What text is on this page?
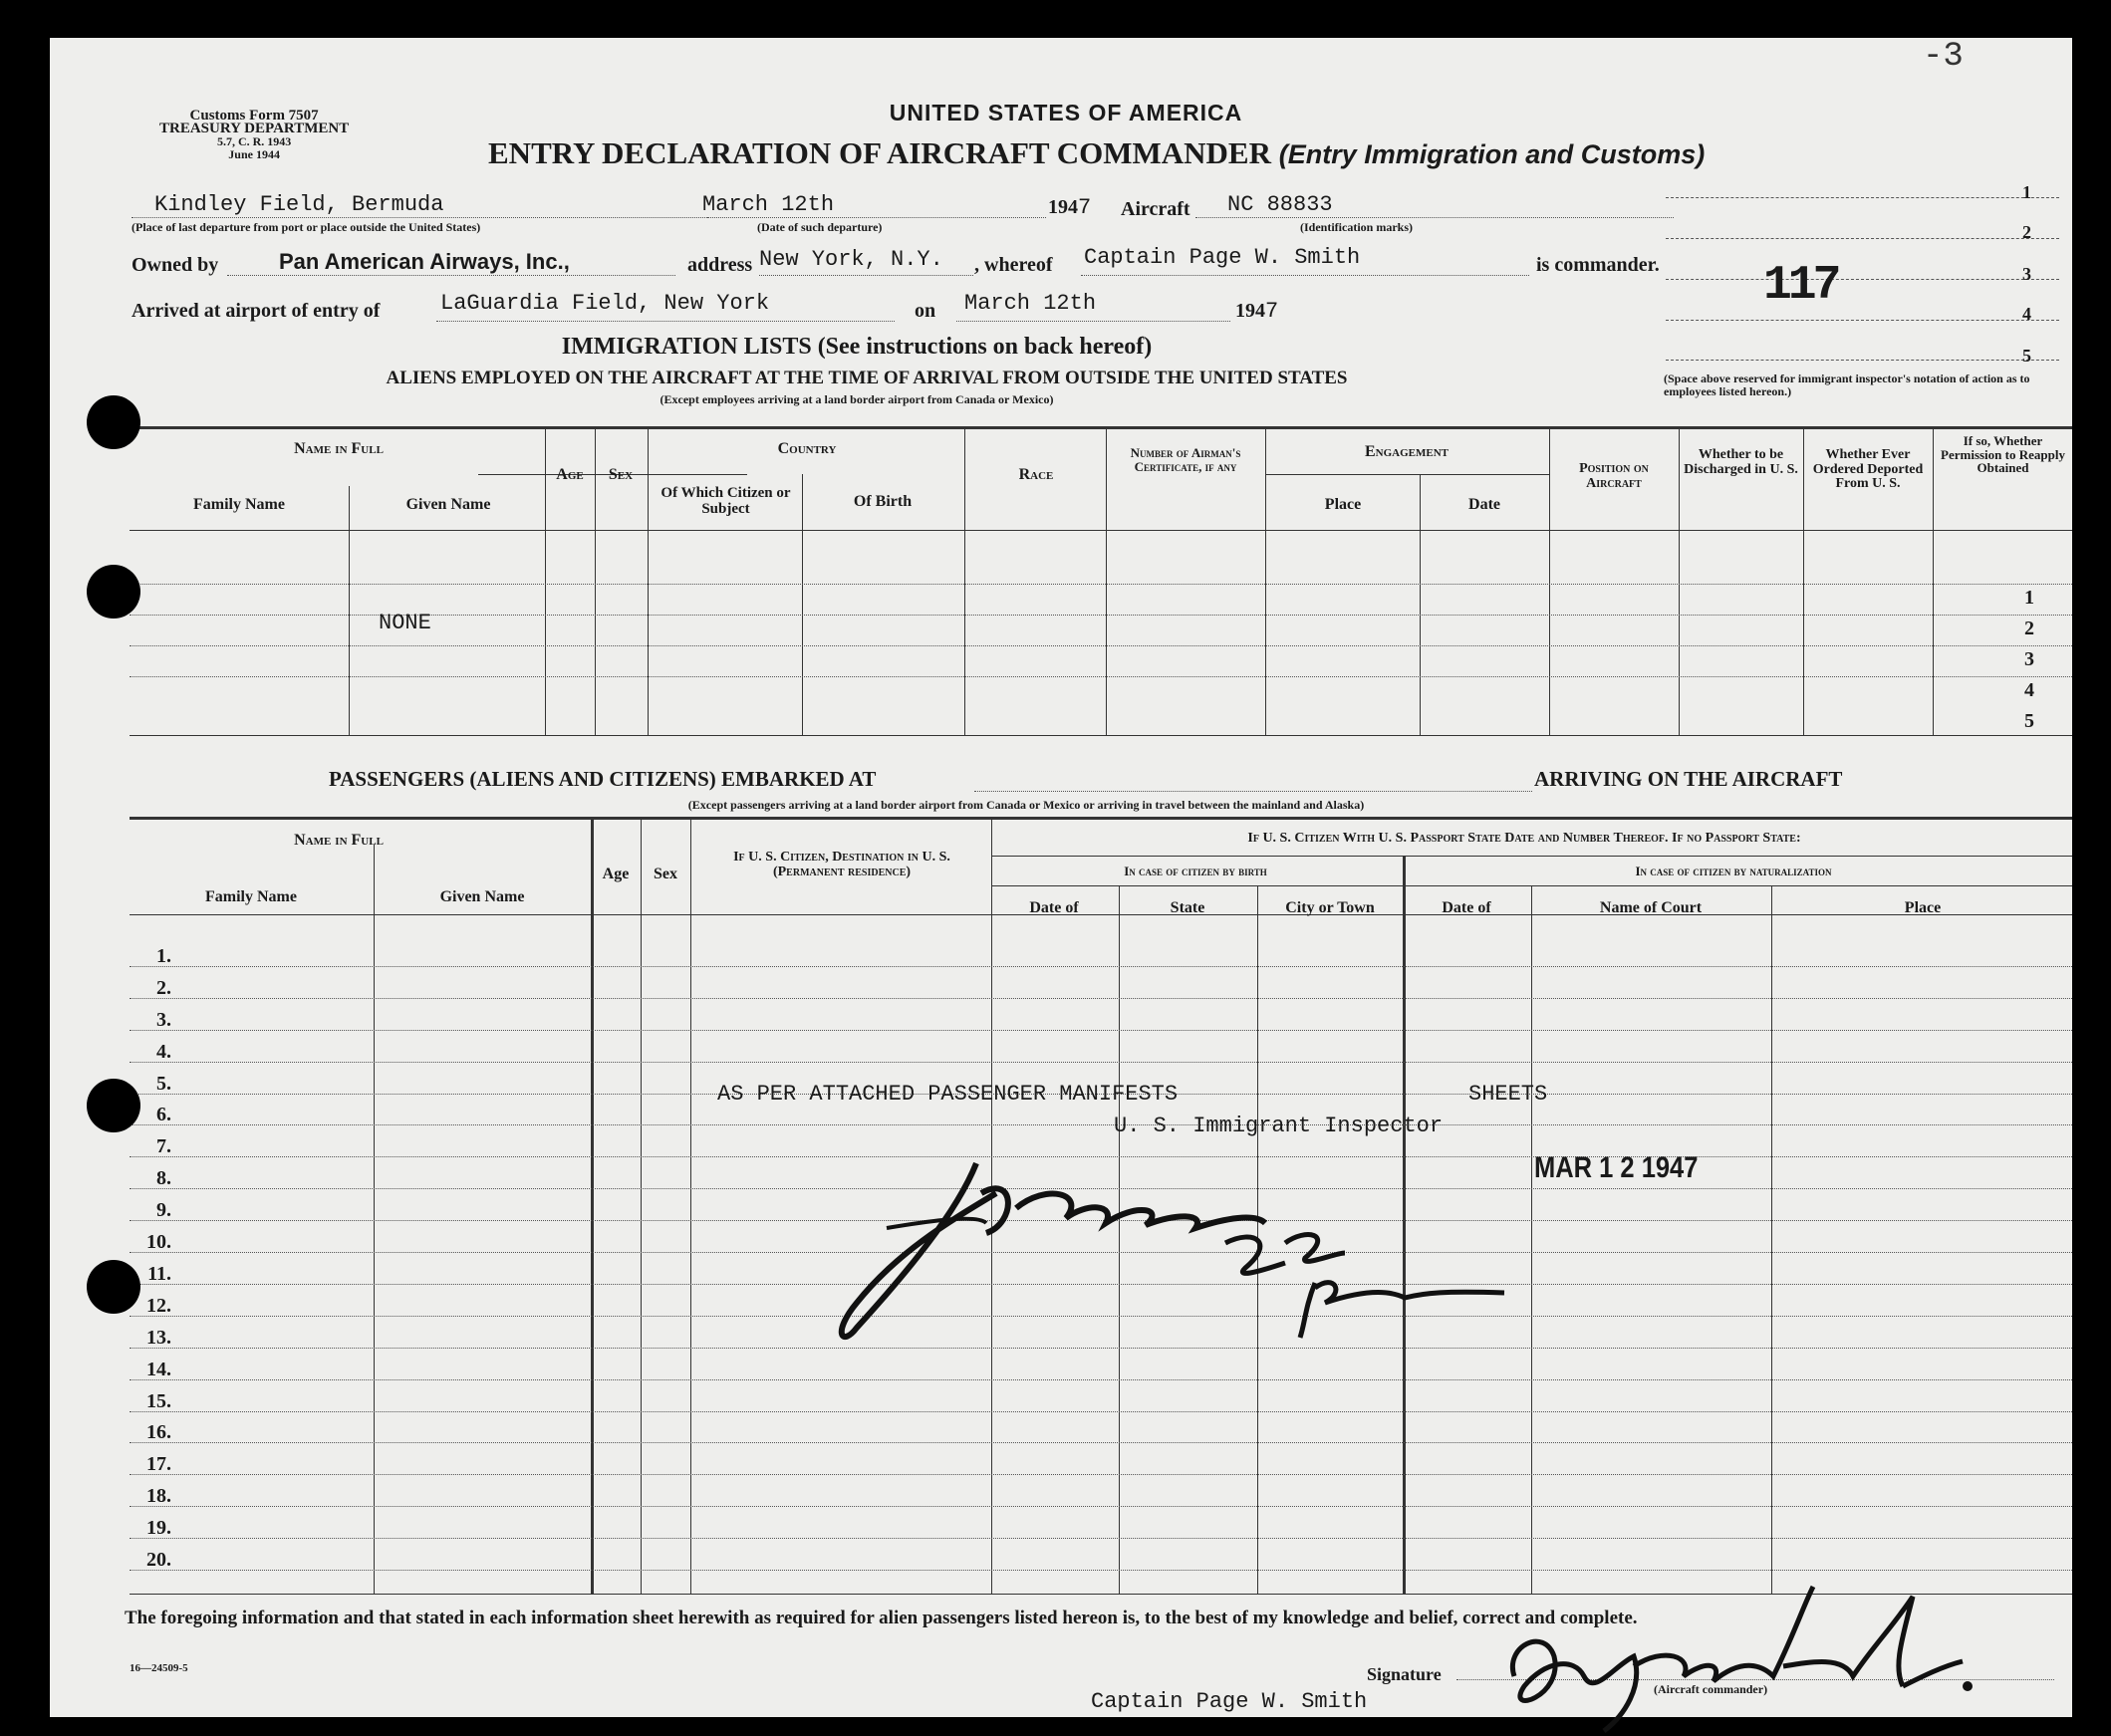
-3
Customs Form 7507
TREASURY DEPARTMENT
5.7, C. R. 1943
June 1944
UNITED STATES OF AMERICA
ENTRY DECLARATION OF AIRCRAFT COMMANDER (Entry Immigration and Customs)
Kindley Field, Bermuda
(Place of last departure from port or place outside the United States)
March 12th
(Date of such departure)
1947 Aircraft NC 88833
(Identification marks)
Owned by	Pan American Airways, Inc.,	address New York, N.Y. , whereof Captain Page W. Smith	is commander.
Arrived at airport of entry of	LaGuardia Field, New York	on March 12th	1947
1
2
3
4
5
117
(Space above reserved for immigrant inspector's notation of action as to employees listed hereon.)
IMMIGRATION LISTS (See instructions on back hereof)
ALIENS EMPLOYED ON THE AIRCRAFT AT THE TIME OF ARRIVAL FROM OUTSIDE THE UNITED STATES
(Except employees arriving at a land border airport from Canada or Mexico)
Name in Full
Family Name	Given Name
Age Sex
Country
Of Which Citizen or Subject	Of Birth
Race
Number of Airman's Certificate, if any
Engagement
Place	Date
Position on Aircraft
Whether to be Discharged in U. S.
Whether Ever Ordered Deported From U. S.
If so, Whether Permission to Reapply Obtained
1
2
3
4
5
NONE
PASSENGERS (ALIENS AND CITIZENS) EMBARKED AT	ARRIVING ON THE AIRCRAFT
(Except passengers arriving at a land border airport from Canada or Mexico or arriving in travel between the mainland and Alaska)
Name in Full
Family Name	Given Name
Age Sex
If U. S. Citizen, Destination in U. S. (Permanent residence)
If U. S. Citizen With U. S. Passport State Date and Number Thereof. If no Passport State:
In case of citizen by birth	In case of citizen by naturalization
Date of	State	City or Town	Date of	Name of Court	Place
1.
2.
3.
4.
5.
6.
7.
8.
9.
10.
11.
12.
13.
14.
15.
16.
17.
18.
19.
20.
AS PER ATTACHED PASSENGER MANIFESTS	SHEETS
U. S. Immigrant Inspector
MAR 1 2 1947
The foregoing information and that stated in each information sheet herewith as required for alien passengers listed hereon is, to the best of my knowledge and belief, correct and complete.
16—24509-5	Signature
(Aircraft commander)
Captain Page W. Smith
